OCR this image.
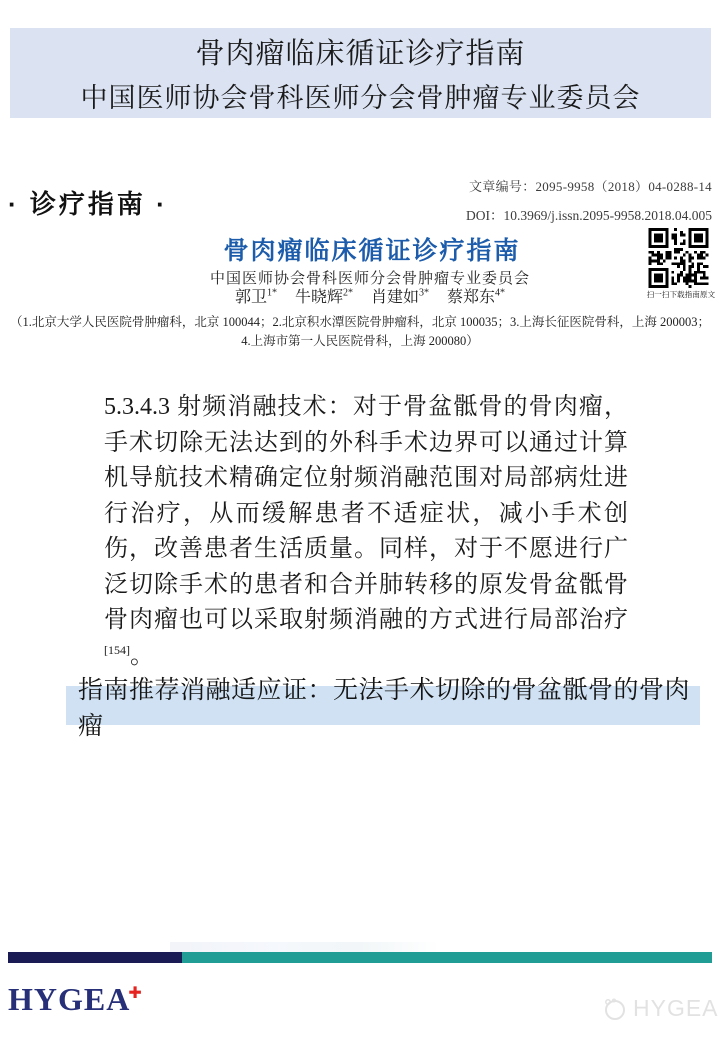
骨肉瘤临床循证诊疗指南
中国医师协会骨科医师分会骨肿瘤专业委员会
· 诊疗指南 ·
文章编号：2095-9958（2018）04-0288-14
DOI：10.3969/j.issn.2095-9958.2018.04.005
骨肉瘤临床循证诊疗指南
中国医师协会骨科医师分会骨肿瘤专业委员会
郭卫$^{1*}$ 牛晓辉$^{2*}$ 肖建如$^{3*}$ 蔡郑东$^{4*}$
（1.北京大学人民医院骨肿瘤科，北京 100044；2.北京积水潭医院骨肿瘤科，北京 100035；3.上海长征医院骨科，上海 200003；
4.上海市第一人民医院骨科，上海 200080）
扫一扫下载指南原文
5.3.4.3 射频消融技术：对于骨盆骶骨的骨肉瘤，手术切除无法达到的外科手术边界可以通过计算机导航技术精确定位射频消融范围对局部病灶进行治疗，从而缓解患者不适症状，减小手术创伤，改善患者生活质量。同样，对于不愿进行广泛切除手术的患者和合并肺转移的原发骨盆骶骨骨肉瘤也可以采取射频消融的方式进行局部治疗[154]。
指南推荐消融适应证：无法手术切除的骨盆骶骨的骨肉瘤
HYGEA✚
HYGEA
